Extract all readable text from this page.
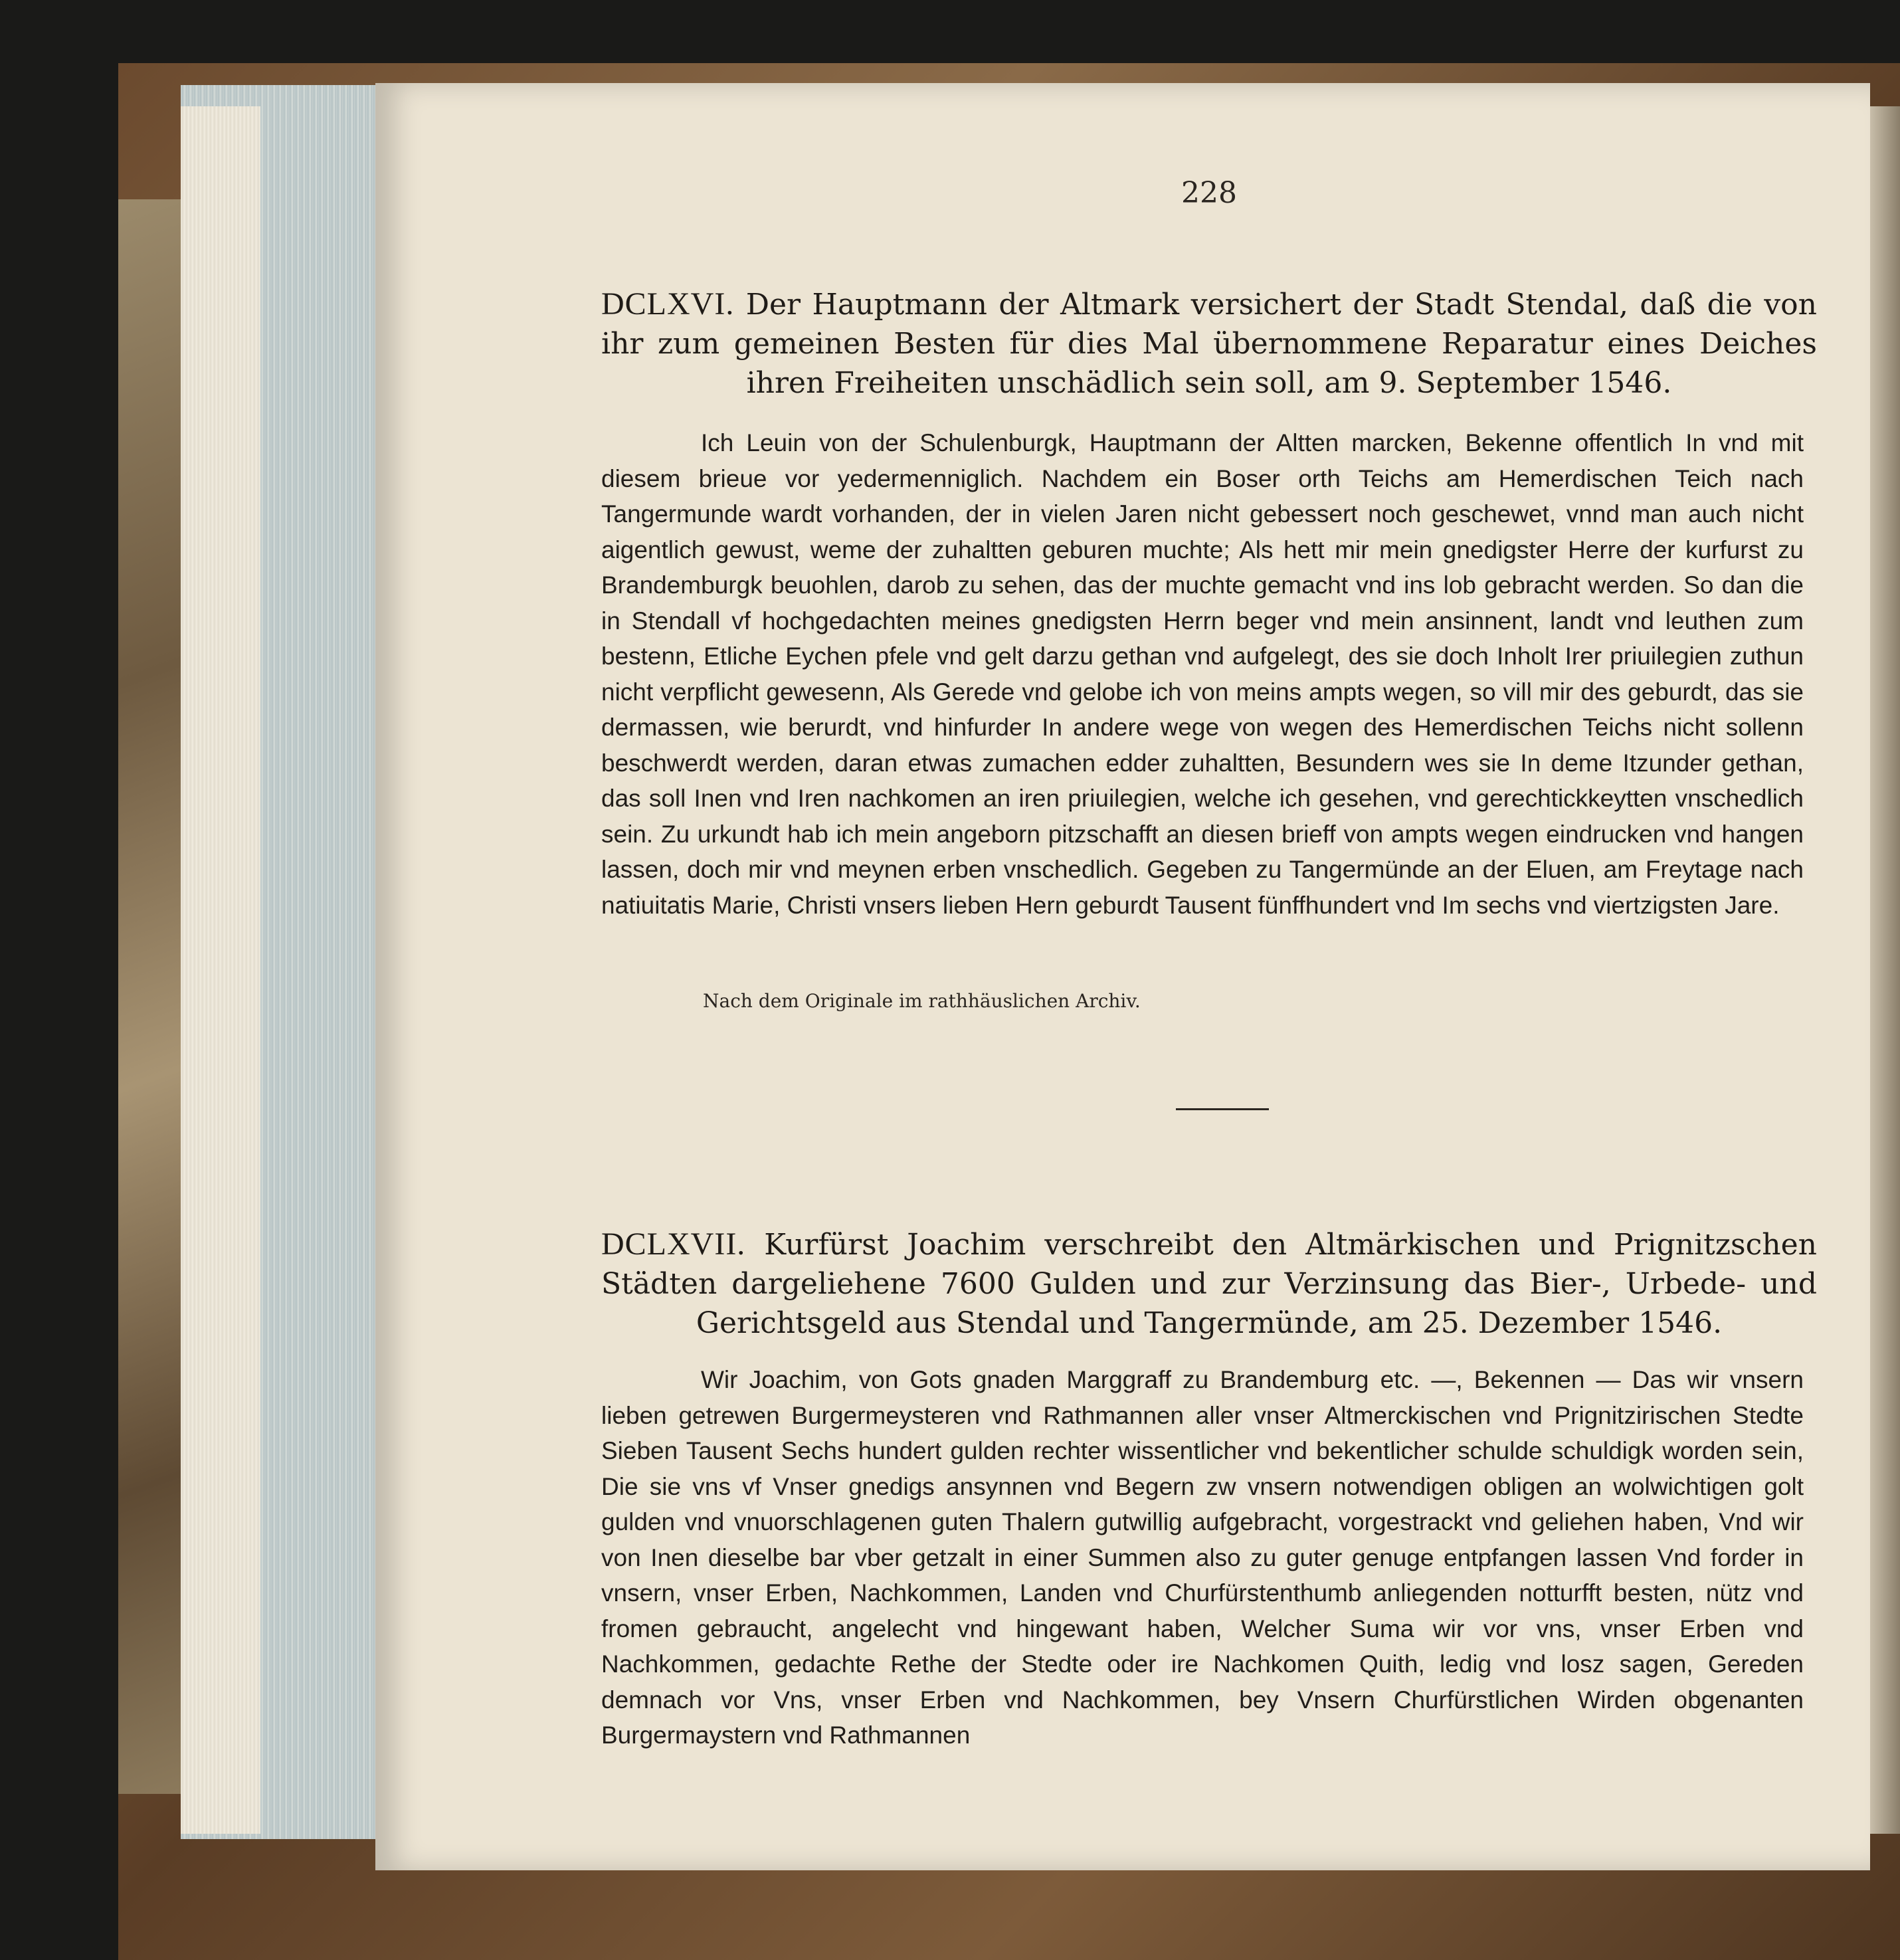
228

DCLXVI. Der Hauptmann der Altmark versichert der Stadt Stendal, daß die von ihr zum gemeinen Besten für dies Mal übernommene Reparatur eines Deiches ihren Freiheiten unschädlich sein soll, am 9. September 1546.

Ich Leuin von der Schulenburgk, Hauptmann der Altten marcken, Bekenne offentlich In vnd mit diesem brieue vor yedermenniglich. Nachdem ein Boser orth Teichs am Hemerdischen Teich nach Tangermunde wardt vorhanden, der in vielen Jaren nicht gebessert noch geschewet, vnnd man auch nicht aigentlich gewust, weme der zuhaltten geburen muchte; Als hett mir mein gnedigster Herre der kurfurst zu Brandemburgk beuohlen, darob zu sehen, das der muchte gemacht vnd ins lob gebracht werden. So dan die in Stendall vf hochgedachten meines gnedigsten Herrn beger vnd mein ansinnent, landt vnd leuthen zum bestenn, Etliche Eychen pfele vnd gelt darzu gethan vnd aufgelegt, des sie doch Inholt Irer priuilegien zuthun nicht verpflicht gewesenn, Als Gerede vnd gelobe ich von meins ampts wegen, so vill mir des geburdt, das sie dermassen, wie berurdt, vnd hinfurder In andere wege von wegen des Hemerdischen Teichs nicht sollenn beschwerdt werden, daran etwas zumachen edder zuhaltten, Besundern wes sie In deme Itzunder gethan, das soll Inen vnd Iren nachkomen an iren priuilegien, welche ich gesehen, vnd gerechtickkeytten vnschedlich sein. Zu urkundt hab ich mein angeborn pitzschafft an diesen brieff von ampts wegen eindrucken vnd hangen lassen, doch mir vnd meynen erben vnschedlich. Gegeben zu Tangermünde an der Eluen, am Freytage nach natiuitatis Marie, Christi vnsers lieben Hern geburdt Tausent fünffhundert vnd Im sechs vnd viertzigsten Jare.

Nach dem Originale im rathhäuslichen Archiv.

DCLXVII. Kurfürst Joachim verschreibt den Altmärkischen und Prignitzschen Städten dargeliehene 7600 Gulden und zur Verzinsung das Bier-, Urbede- und Gerichtsgeld aus Stendal und Tangermünde, am 25. Dezember 1546.

Wir Joachim, von Gots gnaden Marggraff zu Brandemburg etc. —, Bekennen — Das wir vnsern lieben getrewen Burgermeysteren vnd Rathmannen aller vnser Altmerckischen vnd Prignitzirischen Stedte Sieben Tausent Sechs hundert gulden rechter wissentlicher vnd bekentlicher schulde schuldigk worden sein, Die sie vns vf Vnser gnedigs ansynnen vnd Begern zw vnsern notwendigen obligen an wolwichtigen golt gulden vnd vnuorschlagenen guten Thalern gutwillig aufgebracht, vorgestrackt vnd geliehen haben, Vnd wir von Inen dieselbe bar vber getzalt in einer Summen also zu guter genuge entpfangen lassen Vnd forder in vnsern, vnser Erben, Nachkommen, Landen vnd Churfürstenthumb anliegenden notturfft besten, nütz vnd fromen gebraucht, angelecht vnd hingewant haben, Welcher Suma wir vor vns, vnser Erben vnd Nachkommen, gedachte Rethe der Stedte oder ire Nachkomen Quith, ledig vnd losz sagen, Gereden demnach vor Vns, vnser Erben vnd Nachkommen, bey Vnsern Churfürstlichen Wirden obgenanten Burgermaystern vnd Rathmannen
